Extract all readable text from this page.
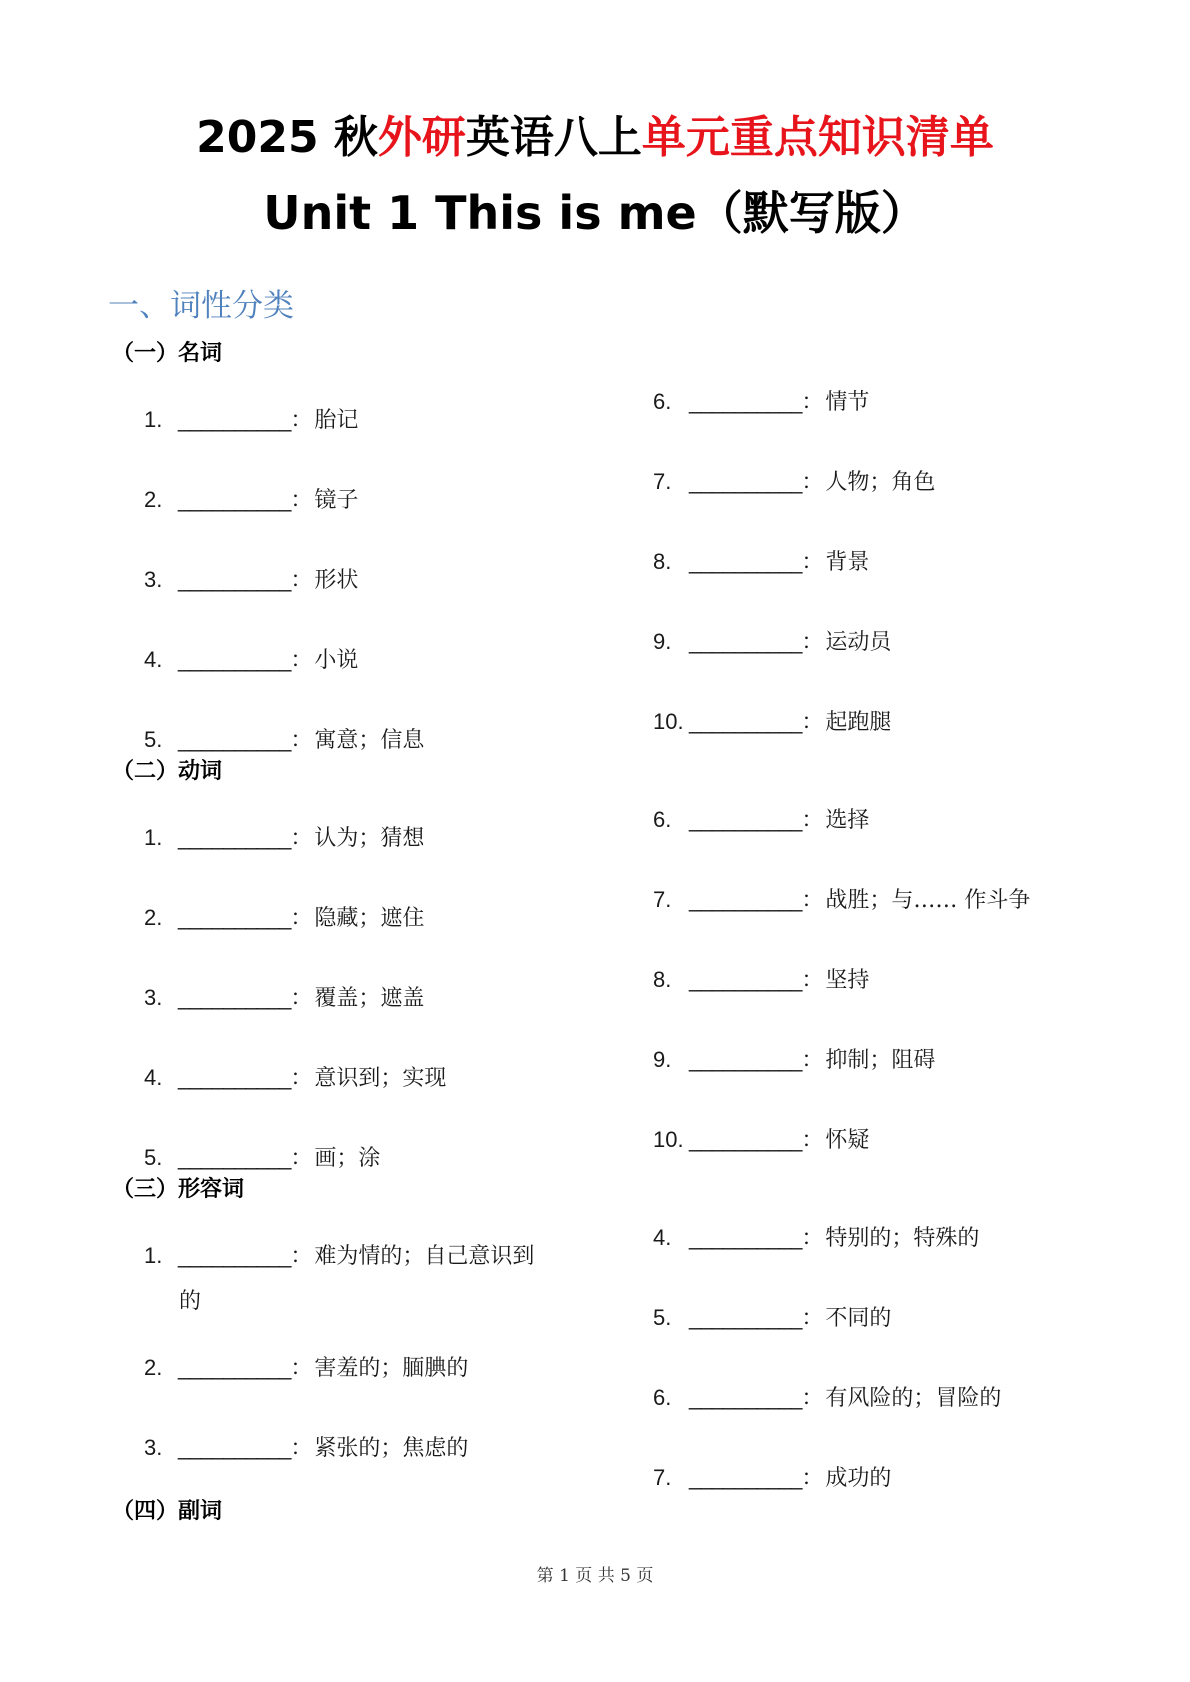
2025 秋外研英语八上单元重点知识清单
Unit 1 This is me（默写版）
一、词性分类
（一）名词
（二）动词
（三）形容词
（四）副词
1. __________：胎记
2. __________：镜子
3. __________：形状
4. __________：小说
5. __________：寓意；信息
6. __________：情节
7. __________：人物；角色
8. __________：背景
9. __________：运动员
10. __________：起跑腿
1. __________：认为；猜想
2. __________：隐藏；遮住
3. __________：覆盖；遮盖
4. __________：意识到；实现
5. __________：画；涂
6. __________：选择
7. __________：战胜；与…… 作斗争
8. __________：坚持
9. __________：抑制；阻碍
10. __________：怀疑
1. __________：难为情的；自己意识到
的
2. __________：害羞的；腼腆的
3. __________：紧张的；焦虑的
4. __________：特别的；特殊的
5. __________：不同的
6. __________：有风险的；冒险的
7. __________：成功的
第 1 页 共 5 页
